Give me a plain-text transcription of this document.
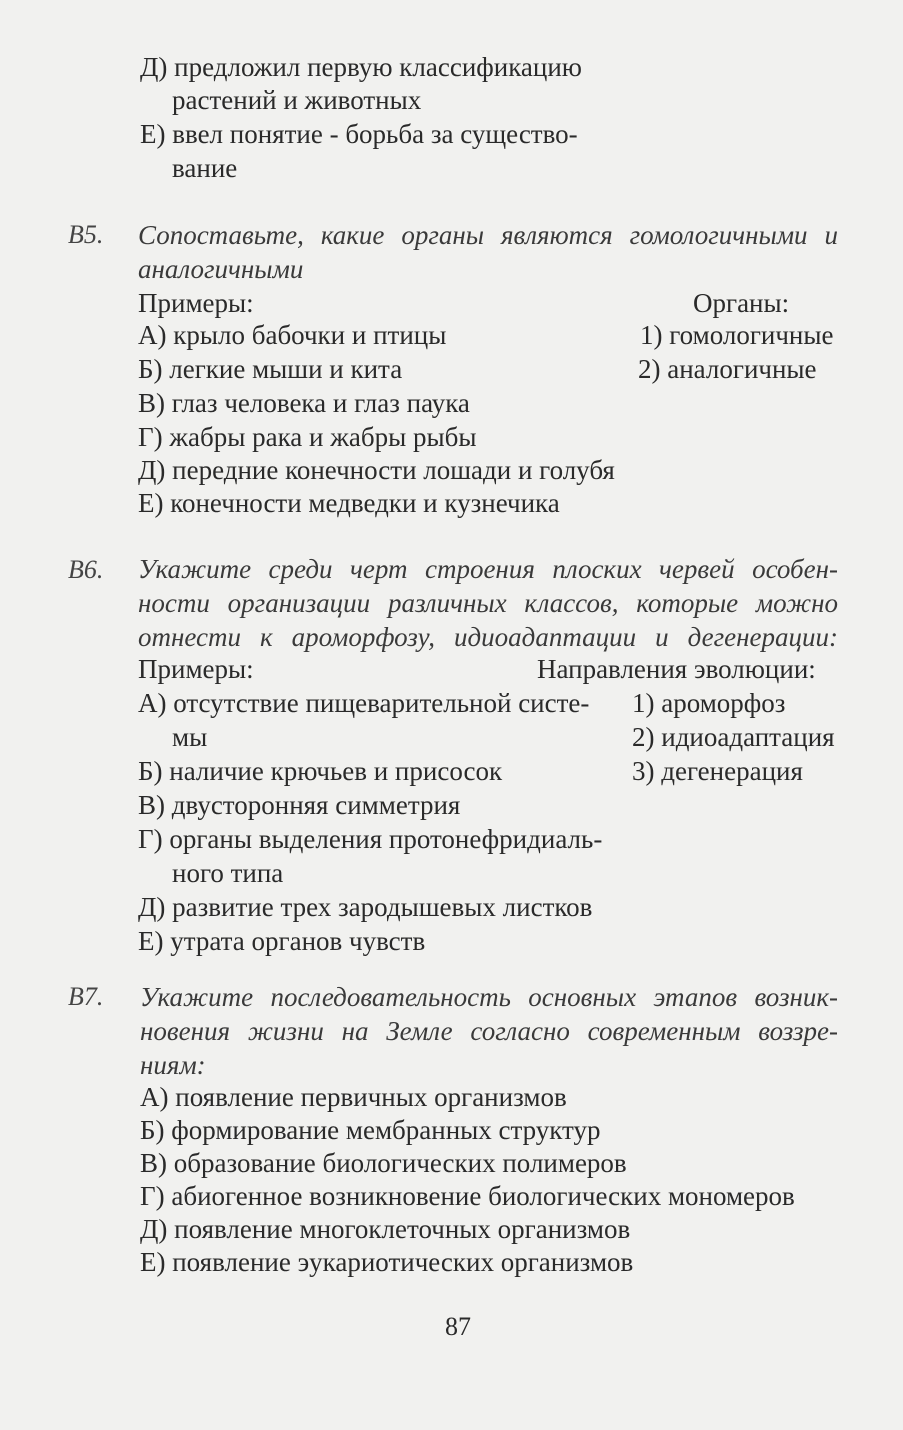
Д) предложил первую классификацию
растений и животных
Е) ввел понятие - борьба за существо-
вание
В5. Сопоставьте, какие органы являются гомологичными и
аналогичными
Примеры:	Органы:
А) крыло бабочки и птицы
Б) легкие мыши и кита
В) глаз человека и глаз паука
Г) жабры рака и жабры рыбы
Д) передние конечности лошади и голубя
Е) конечности медведки и кузнечика
1) гомологичные
2) аналогичные
В6. Укажите среди черт строения плоских червей особен-
ности организации различных классов, которые можно
отнести к ароморфозу, идиоадаптации и дегенерации:
Примеры:	Направления эволюции:
А) отсутствие пищеварительной систе-
мы
Б) наличие крючьев и присосок
В) двусторонняя симметрия
Г) органы выделения протонефридиаль-
ного типа
Д) развитие трех зародышевых листков
Е) утрата органов чувств
1) ароморфоз
2) идиоадаптация
3) дегенерация
В7. Укажите последовательность основных этапов возник-
новения жизни на Земле согласно современным воззре-
ниям:
А) появление первичных организмов
Б) формирование мембранных структур
В) образование биологических полимеров
Г) абиогенное возникновение биологических мономеров
Д) появление многоклеточных организмов
Е) появление эукариотических организмов
87
